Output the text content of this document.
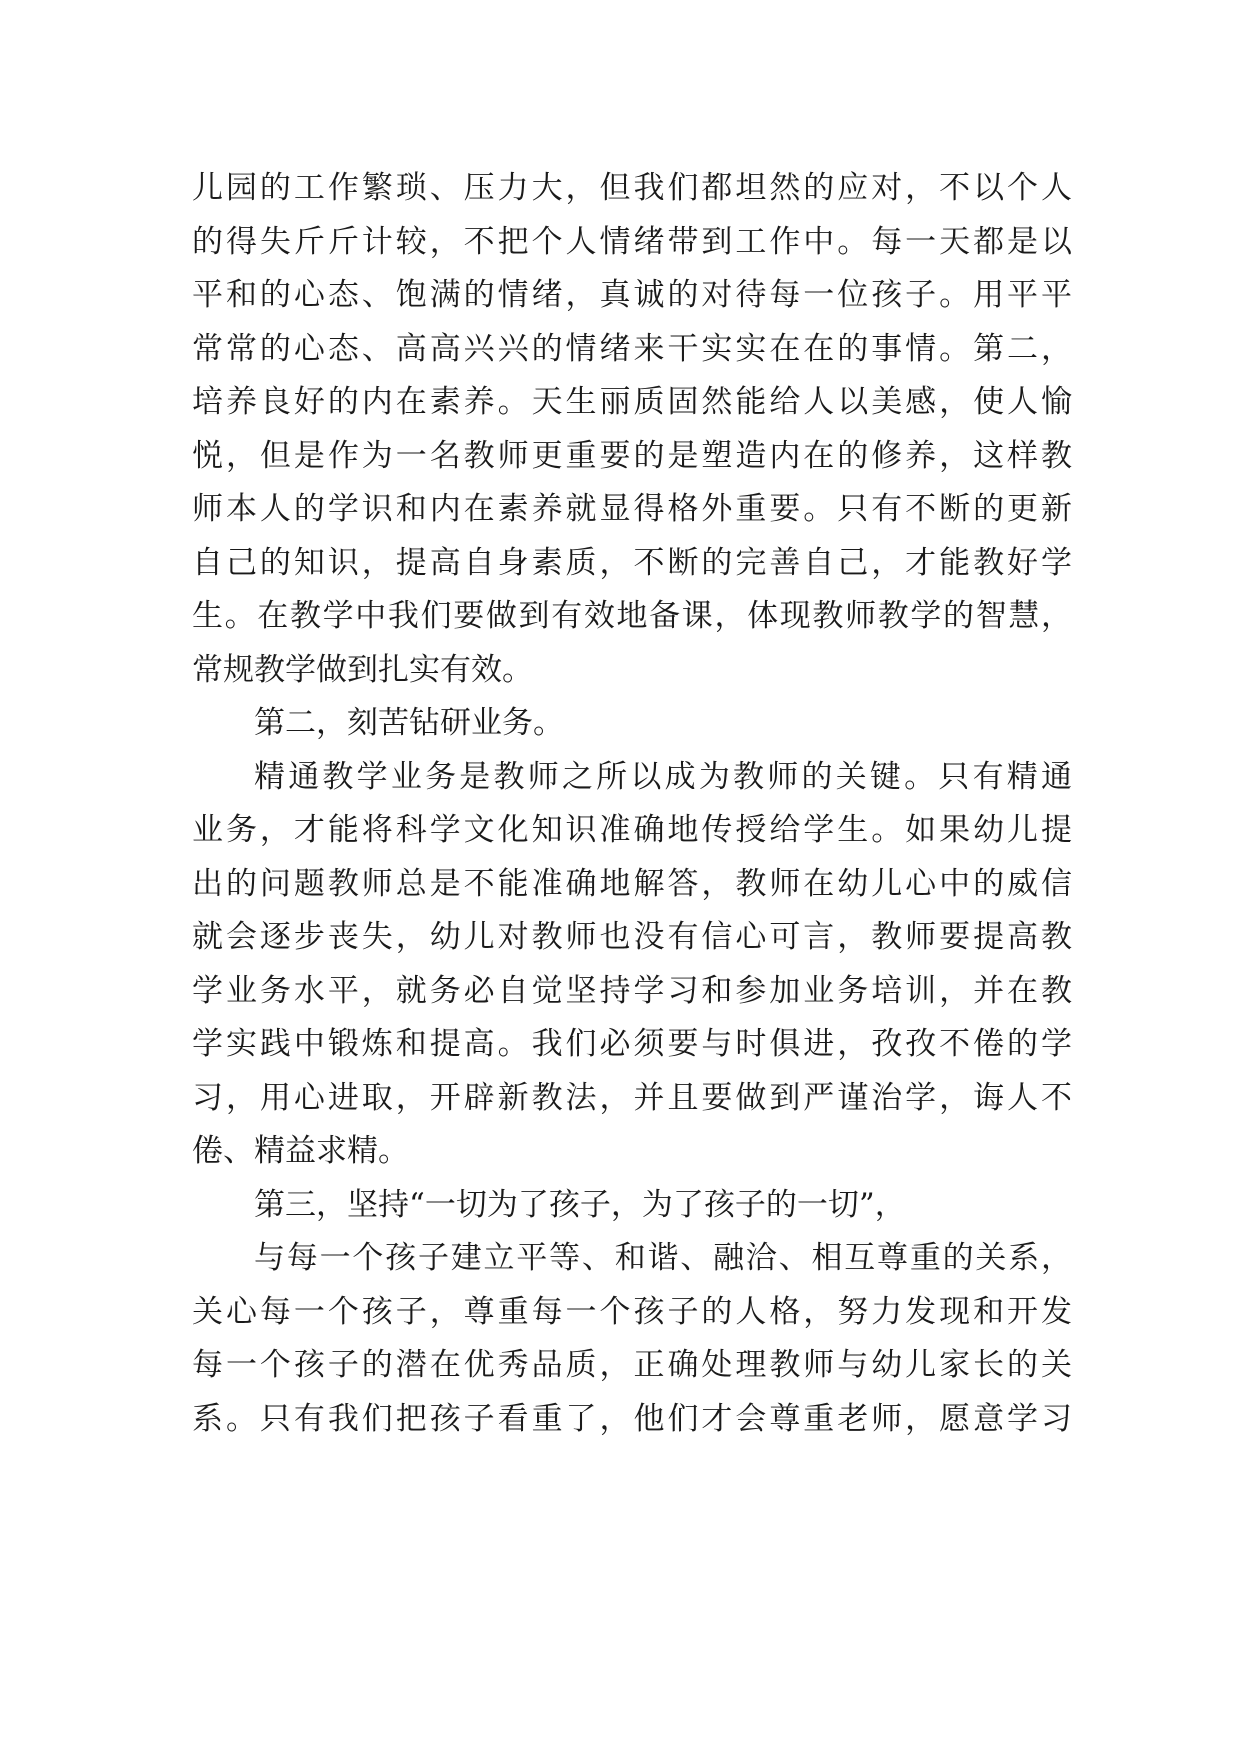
儿园的工作繁琐、压力大，但我们都坦然的应对，不以个人
的得失斤斤计较，不把个人情绪带到工作中。每一天都是以
平和的心态、饱满的情绪，真诚的对待每一位孩子。用平平
常常的心态、高高兴兴的情绪来干实实在在的事情。第二，
培养良好的内在素养。天生丽质固然能给人以美感，使人愉
悦，但是作为一名教师更重要的是塑造内在的修养，这样教
师本人的学识和内在素养就显得格外重要。只有不断的更新
自己的知识，提高自身素质，不断的完善自己，才能教好学
生。在教学中我们要做到有效地备课，体现教师教学的智慧，
常规教学做到扎实有效。
第二，刻苦钻研业务。
精通教学业务是教师之所以成为教师的关键。只有精通
业务，才能将科学文化知识准确地传授给学生。如果幼儿提
出的问题教师总是不能准确地解答，教师在幼儿心中的威信
就会逐步丧失，幼儿对教师也没有信心可言，教师要提高教
学业务水平，就务必自觉坚持学习和参加业务培训，并在教
学实践中锻炼和提高。我们必须要与时俱进，孜孜不倦的学
习，用心进取，开辟新教法，并且要做到严谨治学，诲人不
倦、精益求精。
第三，坚持“一切为了孩子，为了孩子的一切”，
与每一个孩子建立平等、和谐、融洽、相互尊重的关系，
关心每一个孩子，尊重每一个孩子的人格，努力发现和开发
每一个孩子的潜在优秀品质，正确处理教师与幼儿家长的关
系。只有我们把孩子看重了，他们才会尊重老师，愿意学习
